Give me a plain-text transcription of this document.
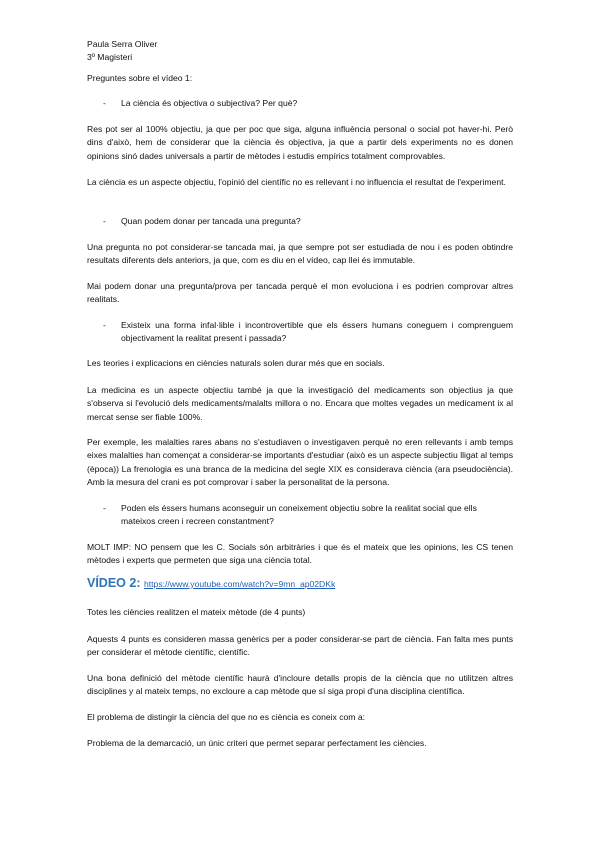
Paula Serra Oliver
3º Magisteri
Preguntes sobre el vídeo 1:
- La ciència és objectiva o subjectiva? Per què?
Res pot ser al 100% objectiu, ja que per poc que siga, alguna influència personal o social pot haver-hi. Però dins d'això, hem de considerar que la ciència és objectiva, ja que a partir dels experiments no es donen opinions sinó dades universals a partir de mètodes i estudis empírics totalment comprovables.
La ciència es un aspecte objectiu, l'opinió del científic no es rellevant i no influencia el resultat de l'experiment.
- Quan podem donar per tancada una pregunta?
Una pregunta no pot considerar-se tancada mai, ja que sempre pot ser estudiada de nou i es poden obtindre resultats diferents dels anteriors, ja que, com es diu en el vídeo, cap llei és immutable.
Mai podem donar una pregunta/prova per tancada perquè el mon evoluciona i es podrien comprovar altres realitats.
- Existeix una forma infal·lible i incontrovertible que els éssers humans coneguem i comprenguem objectivament la realitat present i passada?
Les teories i explicacions en ciències naturals solen durar més que en socials.
La medicina es un aspecte objectiu també ja que la investigació del medicaments son objectius ja que s'observa si l'evolució dels medicaments/malalts millora o no. Encara que moltes vegades un medicament ix al mercat sense ser fiable 100%.
Per exemple, les malalties rares abans no s'estudiaven o investigaven perquè no eren rellevants i amb temps eixes malalties han començat a considerar-se importants d'estudiar (això es un aspecte subjectiu lligat al temps (època)) La frenologia es una branca de la medicina del segle XIX es considerava ciència (ara pseudociència). Amb la mesura del crani es pot comprovar i saber la personalitat de la persona.
- Poden els éssers humans aconseguir un coneixement objectiu sobre la realitat social que ells mateixos creen i recreen constantment?
MOLT IMP: NO pensem que les C. Socials són arbitràries i que és el mateix que les opinions, les CS tenen mètodes i experts que permeten que siga una ciència total.
VÍDEO 2: https://www.youtube.com/watch?v=9mn_ap02DKk
Totes les ciències realitzen el mateix mètode (de 4 punts)
Aquests 4 punts es consideren massa genèrics per a poder considerar-se part de ciència. Fan falta mes punts per considerar el mètode científic, científic.
Una bona definició del mètode científic haurà d'incloure detalls propis de la ciència que no utilitzen altres disciplines y al mateix temps, no excloure a cap mètode que sí siga propi d'una disciplina científica.
El problema de distingir la ciència del que no es ciència es coneix com a:
Problema de la demarcació, un únic criteri que permet separar perfectament les ciències.
